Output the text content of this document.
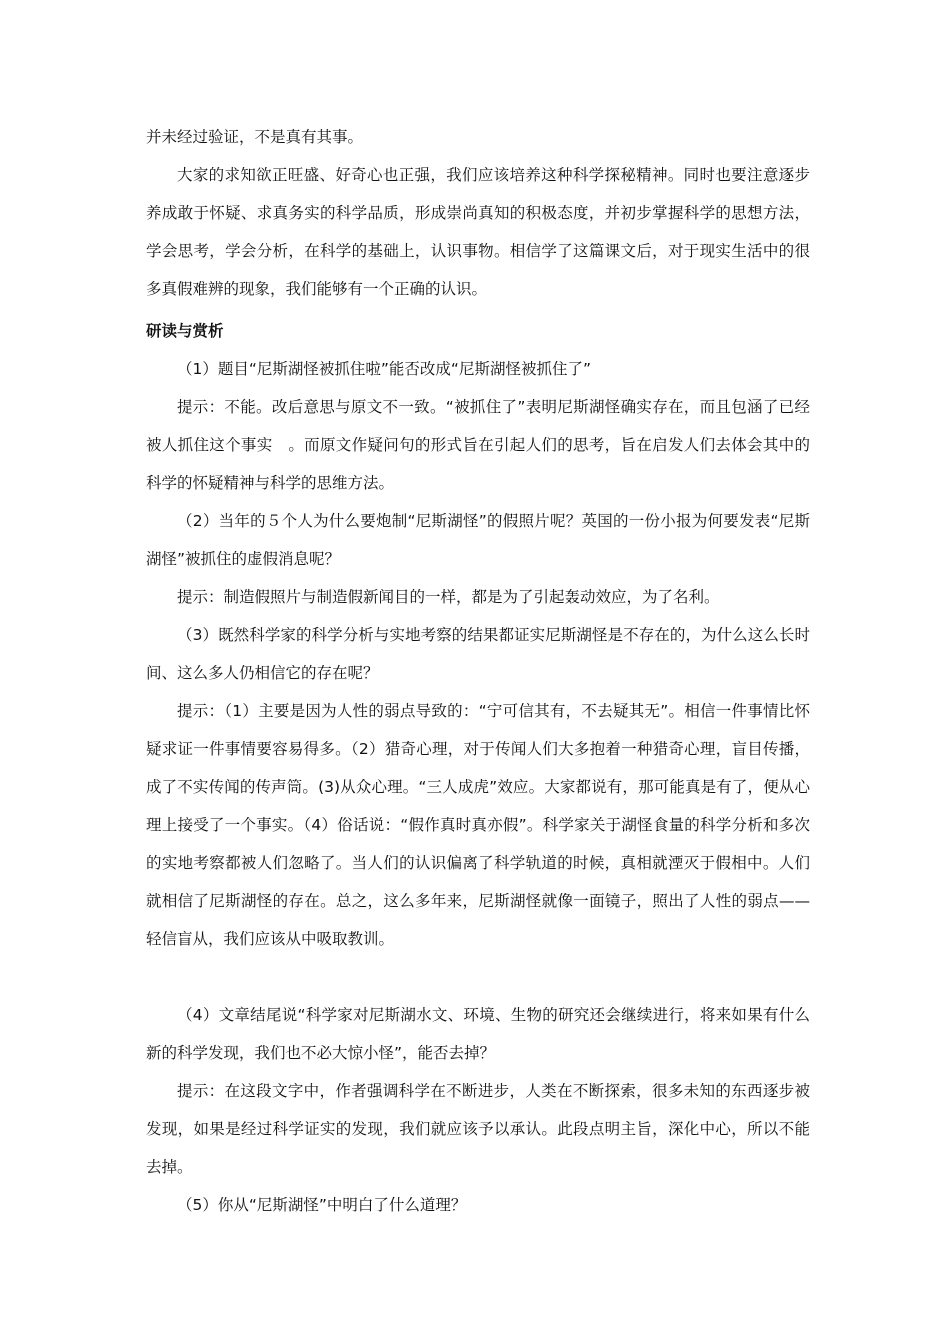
并未经过验证，不是真有其事。

大家的求知欲正旺盛、好奇心也正强，我们应该培养这种科学探秘精神。同时也要注意逐步养成敢于怀疑、求真务实的科学品质，形成崇尚真知的积极态度，并初步掌握科学的思想方法，学会思考，学会分析，在科学的基础上，认识事物。相信学了这篇课文后，对于现实生活中的很多真假难辨的现象，我们能够有一个正确的认识。

研读与赏析

（1）题目“尼斯湖怪被抓住啦”能否改成“尼斯湖怪被抓住了”

提示：不能。改后意思与原文不一致。“被抓住了”表明尼斯湖怪确实存在，而且包涵了已经被人抓住这个事实　。而原文作疑问句的形式旨在引起人们的思考，旨在启发人们去体会其中的科学的怀疑精神与科学的思维方法。

（2）当年的５个人为什么要炮制“尼斯湖怪”的假照片呢？英国的一份小报为何要发表“尼斯湖怪”被抓住的虚假消息呢？

提示：制造假照片与制造假新闻目的一样，都是为了引起轰动效应，为了名利。

（3）既然科学家的科学分析与实地考察的结果都证实尼斯湖怪是不存在的，为什么这么长时间、这么多人仍相信它的存在呢？

提示：（1）主要是因为人性的弱点导致的：“宁可信其有，不去疑其无”。相信一件事情比怀疑求证一件事情要容易得多。（2）猎奇心理，对于传闻人们大多抱着一种猎奇心理，盲目传播，成了不实传闻的传声筒。(3)从众心理。“三人成虎”效应。大家都说有，那可能真是有了，便从心理上接受了一个事实。（4）俗话说：“假作真时真亦假”。科学家关于湖怪食量的科学分析和多次的实地考察都被人们忽略了。当人们的认识偏离了科学轨道的时候，真相就湮灭于假相中。人们就相信了尼斯湖怪的存在。总之，这么多年来，尼斯湖怪就像一面镜子，照出了人性的弱点——轻信盲从，我们应该从中吸取教训。

（4）文章结尾说“科学家对尼斯湖水文、环境、生物的研究还会继续进行，将来如果有什么新的科学发现，我们也不必大惊小怪”，能否去掉？

提示：在这段文字中，作者强调科学在不断进步，人类在不断探索，很多未知的东西逐步被发现，如果是经过科学证实的发现，我们就应该予以承认。此段点明主旨，深化中心，所以不能去掉。

（5）你从“尼斯湖怪”中明白了什么道理？
